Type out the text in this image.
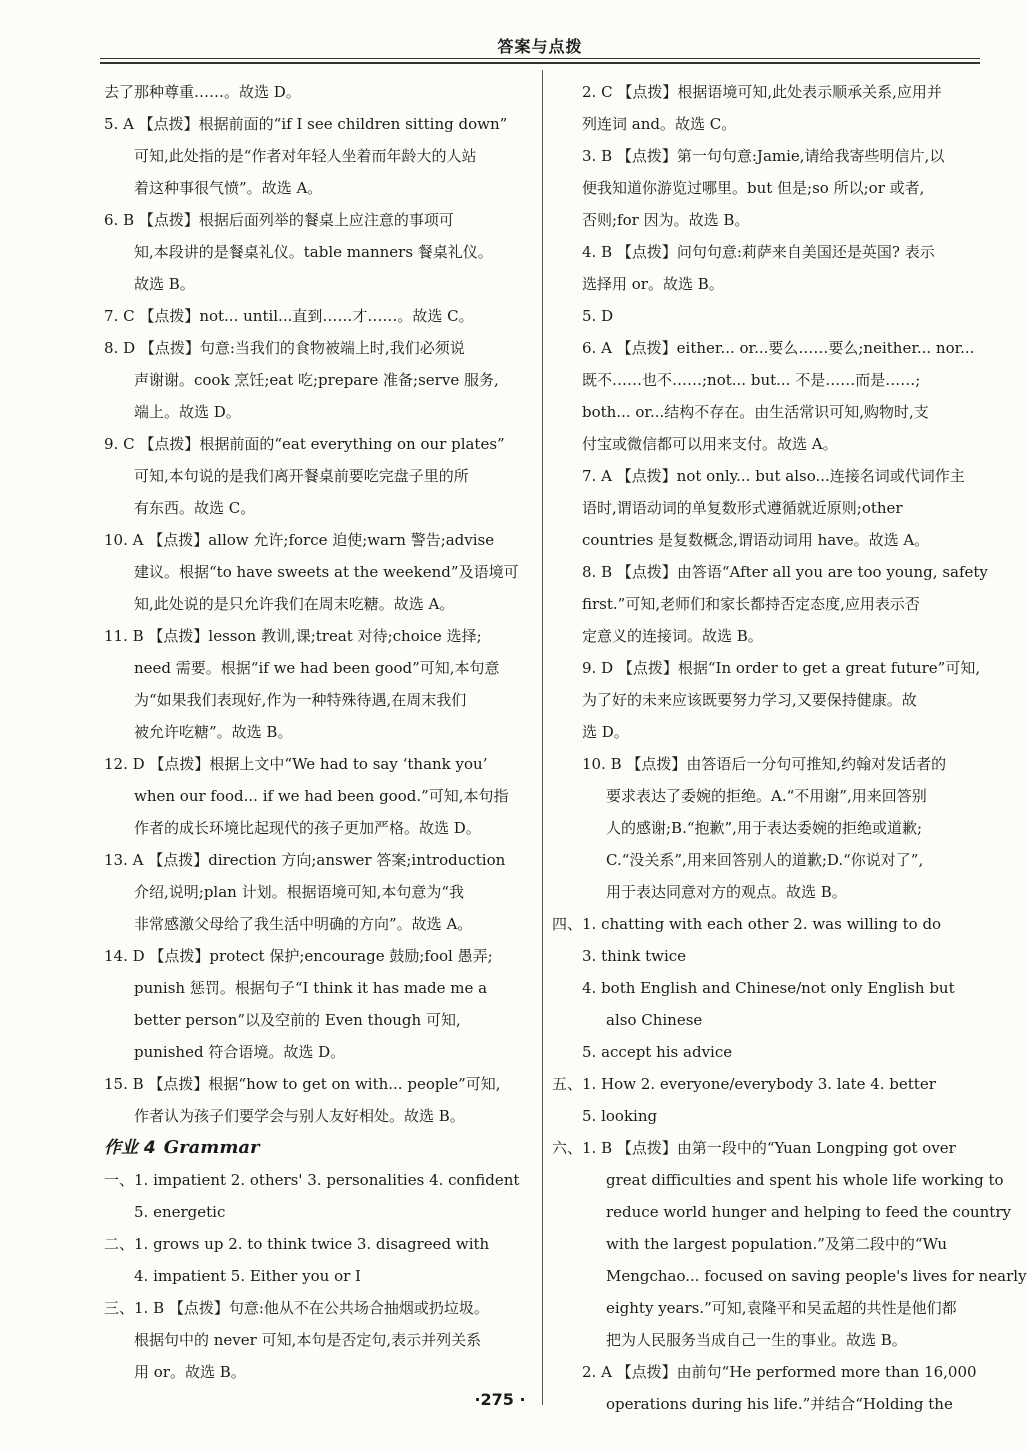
答案与点拨
去了那种尊重……。故选 D。
5. A 【点拨】根据前面的“if I see children sitting down”
可知,此处指的是“作者对年轻人坐着而年龄大的人站
着这种事很气愤”。故选 A。
6. B 【点拨】根据后面列举的餐桌上应注意的事项可
知,本段讲的是餐桌礼仪。table manners 餐桌礼仪。
故选 B。
7. C 【点拨】not... until...直到……才……。故选 C。
8. D 【点拨】句意:当我们的食物被端上时,我们必须说
声谢谢。cook 烹饪;eat 吃;prepare 准备;serve 服务,
端上。故选 D。
9. C 【点拨】根据前面的“eat everything on our plates”
可知,本句说的是我们离开餐桌前要吃完盘子里的所
有东西。故选 C。
10. A 【点拨】allow 允许;force 迫使;warn 警告;advise
建议。根据“to have sweets at the weekend”及语境可
知,此处说的是只允许我们在周末吃糖。故选 A。
11. B 【点拨】lesson 教训,课;treat 对待;choice 选择;
need 需要。根据“if we had been good”可知,本句意
为“如果我们表现好,作为一种特殊待遇,在周末我们
被允许吃糖”。故选 B。
12. D 【点拨】根据上文中“We had to say ‘thank you’
when our food... if we had been good.”可知,本句指
作者的成长环境比起现代的孩子更加严格。故选 D。
13. A 【点拨】direction 方向;answer 答案;introduction
介绍,说明;plan 计划。根据语境可知,本句意为“我
非常感激父母给了我生活中明确的方向”。故选 A。
14. D 【点拨】protect 保护;encourage 鼓励;fool 愚弄;
punish 惩罚。根据句子“I think it has made me a
better person”以及空前的 Even though 可知,
punished 符合语境。故选 D。
15. B 【点拨】根据“how to get on with... people”可知,
作者认为孩子们要学会与别人友好相处。故选 B。
作业 4 Grammar
一、1. impatient 2. others' 3. personalities 4. confident
5. energetic
二、1. grows up 2. to think twice 3. disagreed with
4. impatient 5. Either you or I
三、1. B 【点拨】句意:他从不在公共场合抽烟或扔垃圾。
根据句中的 never 可知,本句是否定句,表示并列关系
用 or。故选 B。
2. C 【点拨】根据语境可知,此处表示顺承关系,应用并
列连词 and。故选 C。
3. B 【点拨】第一句句意:Jamie,请给我寄些明信片,以
便我知道你游览过哪里。but 但是;so 所以;or 或者,
否则;for 因为。故选 B。
4. B 【点拨】问句句意:莉萨来自美国还是英国? 表示
选择用 or。故选 B。
5. D
6. A 【点拨】either... or...要么……要么;neither... nor...
既不……也不……;not... but... 不是……而是……;
both... or...结构不存在。由生活常识可知,购物时,支
付宝或微信都可以用来支付。故选 A。
7. A 【点拨】not only... but also...连接名词或代词作主
语时,谓语动词的单复数形式遵循就近原则;other
countries 是复数概念,谓语动词用 have。故选 A。
8. B 【点拨】由答语“After all you are too young, safety
first.”可知,老师们和家长都持否定态度,应用表示否
定意义的连接词。故选 B。
9. D 【点拨】根据“In order to get a great future”可知,
为了好的未来应该既要努力学习,又要保持健康。故
选 D。
10. B 【点拨】由答语后一分句可推知,约翰对发话者的
要求表达了委婉的拒绝。A.“不用谢”,用来回答别
人的感谢;B.“抱歉”,用于表达委婉的拒绝或道歉;
C.“没关系”,用来回答别人的道歉;D.“你说对了”,
用于表达同意对方的观点。故选 B。
四、1. chatting with each other 2. was willing to do
3. think twice
4. both English and Chinese/not only English but
also Chinese
5. accept his advice
五、1. How 2. everyone/everybody 3. late 4. better
5. looking
六、1. B 【点拨】由第一段中的“Yuan Longping got over
great difficulties and spent his whole life working to
reduce world hunger and helping to feed the country
with the largest population.”及第二段中的“Wu
Mengchao... focused on saving people's lives for nearly
eighty years.”可知,袁隆平和吴孟超的共性是他们都
把为人民服务当成自己一生的事业。故选 B。
2. A 【点拨】由前句“He performed more than 16,000
operations during his life.”并结合“Holding the
·275 ·
